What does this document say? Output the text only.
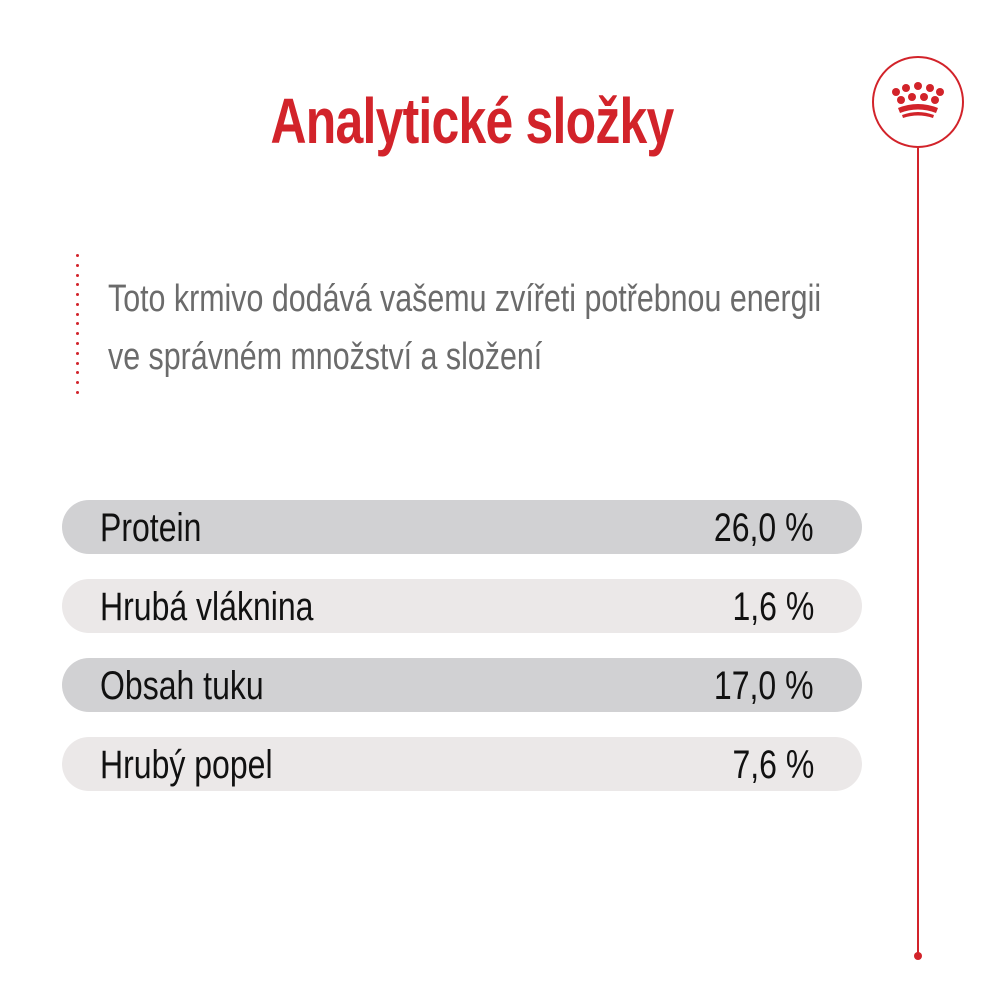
Analytické složky

Toto krmivo dodává vašemu zvířeti potřebnou energii
ve správném množství a složení

Protein	26,0 %
Hrubá vláknina	1,6 %
Obsah tuku	17,0 %
Hrubý popel	7,6 %
